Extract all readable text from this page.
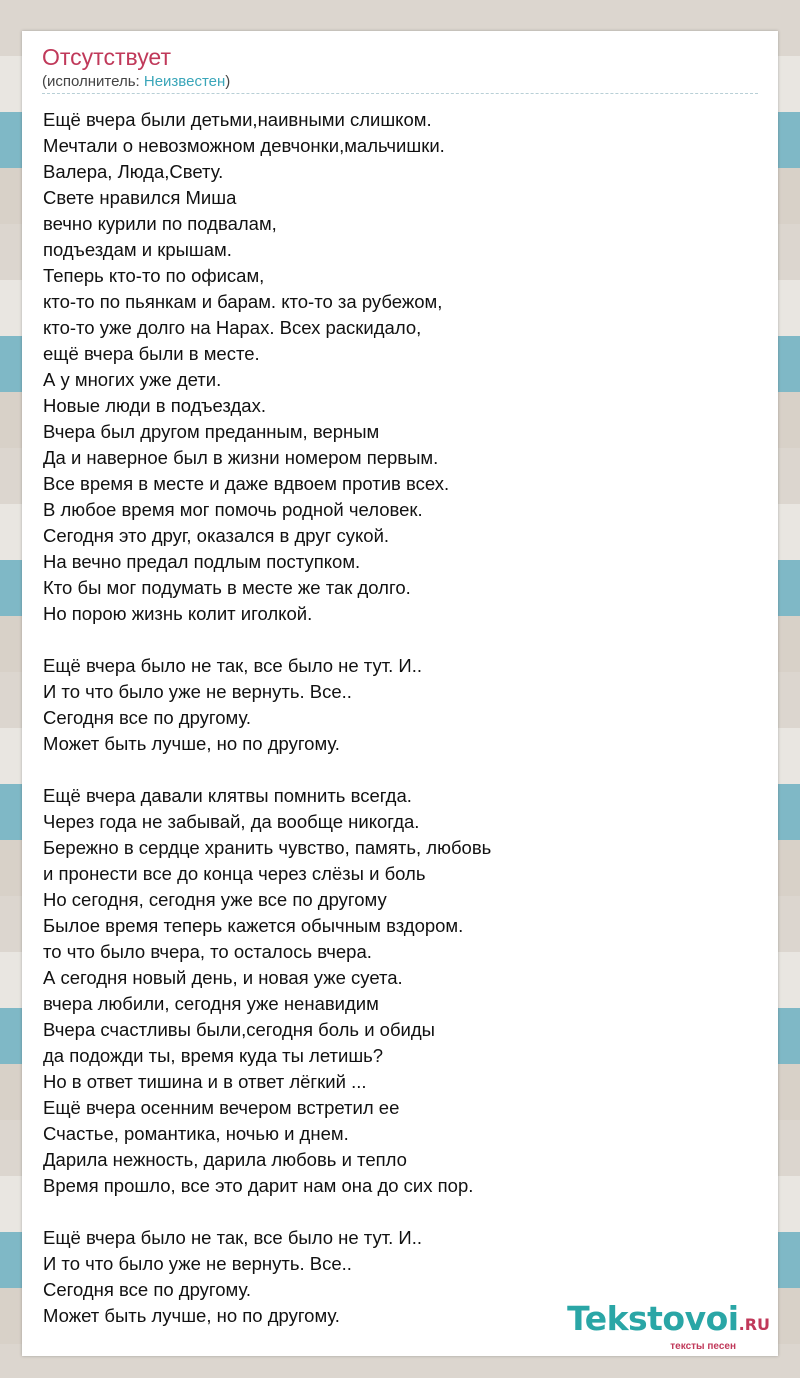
Отсутствует
(исполнитель: Неизвестен)
Ещё вчера были детьми,наивными слишком.
Мечтали о невозможном девчонки,мальчишки.
Валера, Люда,Свету.
Свете нравился Миша
вечно курили по подвалам,
подъездам и крышам.
Теперь кто-то по офисам,
кто-то по пьянкам и барам. кто-то за рубежом,
кто-то уже долго на Нарах. Всех раскидало,
ещё вчера были в месте.
А у многих уже дети.
Новые люди в подъездах.
Вчера был другом преданным, верным
Да и наверное был в жизни номером первым.
Все время в месте и даже вдвоем против всех.
В любое время мог помочь родной человек.
Сегодня это друг, оказался в друг сукой.
На вечно предал подлым поступком.
Кто бы мог подумать в месте же так долго.
Но порою жизнь колит иголкой.
Ещё вчера было не так, все было не тут. И..
И то что было уже не вернуть. Все..
Сегодня все по другому.
Может быть лучше, но по другому.
Ещё вчера давали клятвы помнить всегда.
Через года не забывай, да вообще никогда.
Бережно в сердце хранить чувство, память, любовь
и пронести все до конца через слёзы и боль
Но сегодня, сегодня уже все по другому
Былое время теперь кажется обычным вздором.
то что было вчера, то осталось вчера.
А сегодня новый день, и новая уже суета.
вчера любили, сегодня уже ненавидим
Вчера счастливы были,сегодня боль и обиды
да подожди ты, время куда ты летишь?
Но в ответ тишина и в ответ лёгкий ...
Ещё вчера осенним вечером встретил ее
Счастье, романтика, ночью и днем.
Дарила нежность, дарила любовь и тепло
Время прошло, все это дарит нам она до сих пор.
Ещё вчера было не так, все было не тут. И..
И то что было уже не вернуть. Все..
Сегодня все по другому.
Может быть лучше, но по другому.	Tekstovoi.RU
тексты песен
